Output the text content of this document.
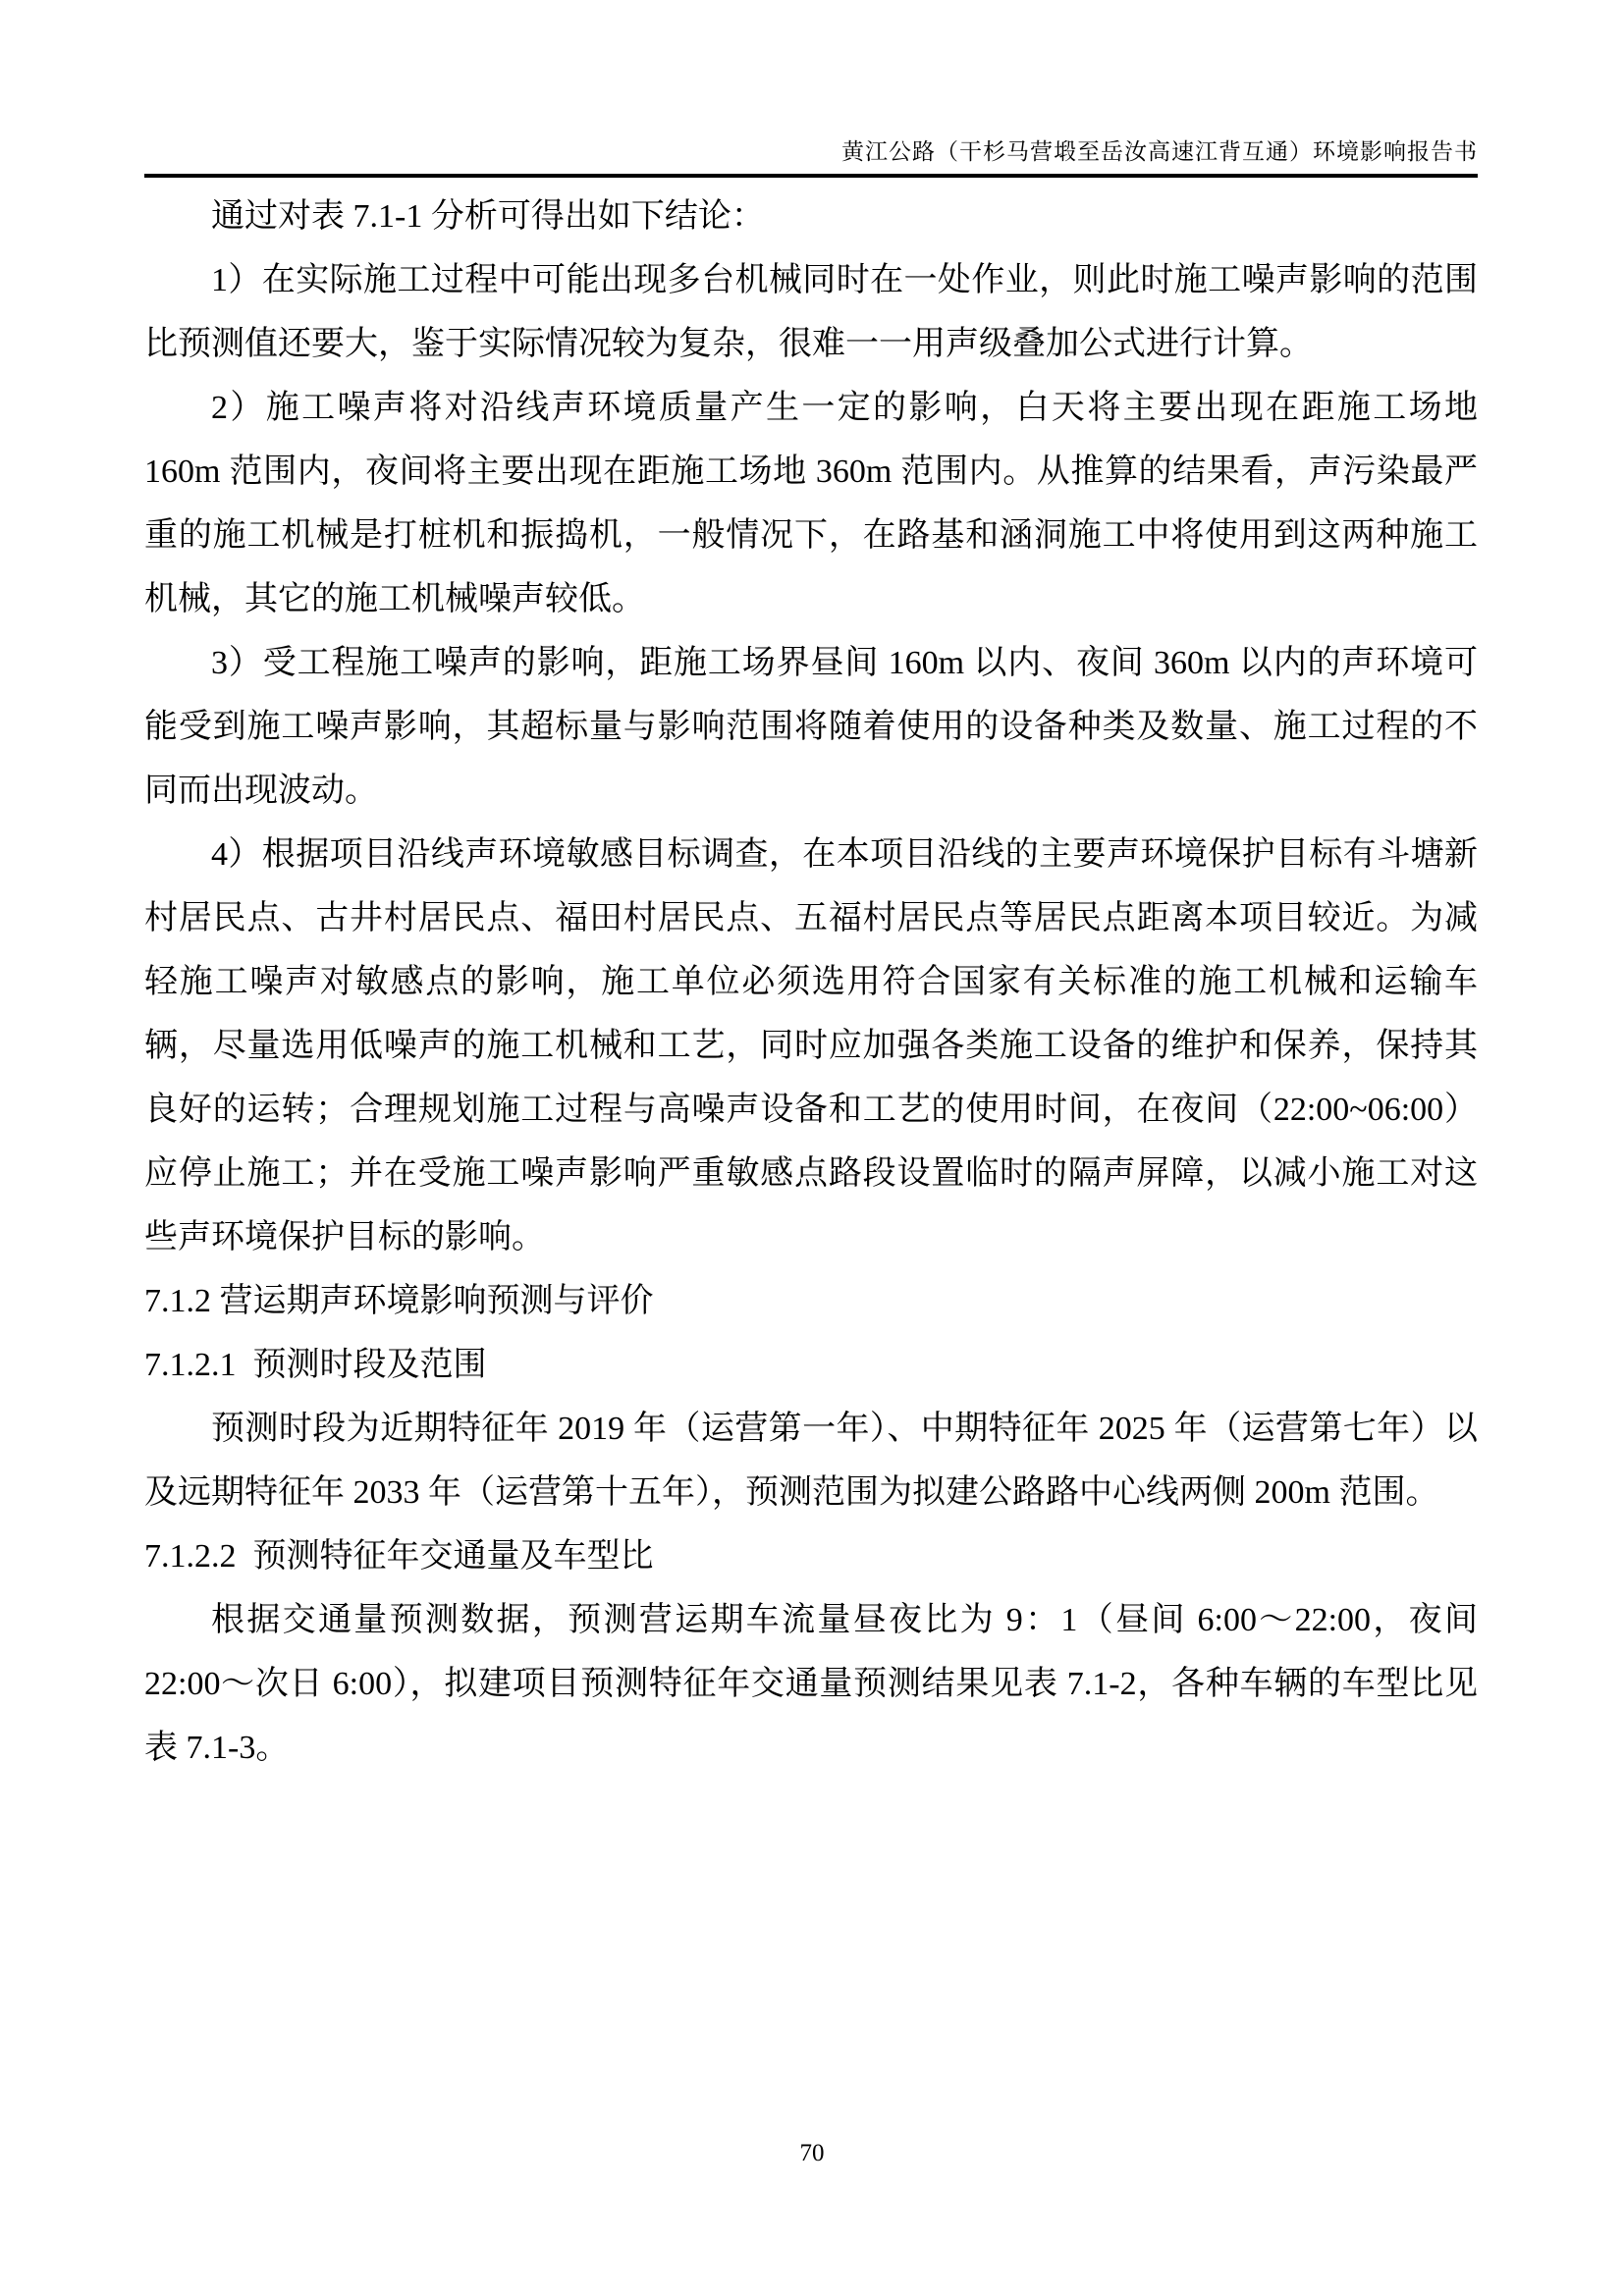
黄江公路（干杉马营塅至岳汝高速江背互通）环境影响报告书

通过对表 7.1-1 分析可得出如下结论：

1）在实际施工过程中可能出现多台机械同时在一处作业，则此时施工噪声影响的范围比预测值还要大，鉴于实际情况较为复杂，很难一一用声级叠加公式进行计算。

2）施工噪声将对沿线声环境质量产生一定的影响，白天将主要出现在距施工场地 160m 范围内，夜间将主要出现在距施工场地 360m 范围内。从推算的结果看，声污染最严重的施工机械是打桩机和振捣机，一般情况下，在路基和涵洞施工中将使用到这两种施工机械，其它的施工机械噪声较低。

3）受工程施工噪声的影响，距施工场界昼间 160m 以内、夜间 360m 以内的声环境可能受到施工噪声影响，其超标量与影响范围将随着使用的设备种类及数量、施工过程的不同而出现波动。

4）根据项目沿线声环境敏感目标调查，在本项目沿线的主要声环境保护目标有斗塘新村居民点、古井村居民点、福田村居民点、五福村居民点等居民点距离本项目较近。为减轻施工噪声对敏感点的影响，施工单位必须选用符合国家有关标准的施工机械和运输车辆，尽量选用低噪声的施工机械和工艺，同时应加强各类施工设备的维护和保养，保持其良好的运转；合理规划施工过程与高噪声设备和工艺的使用时间，在夜间（22:00~06:00）应停止施工；并在受施工噪声影响严重敏感点路段设置临时的隔声屏障，以减小施工对这些声环境保护目标的影响。

7.1.2 营运期声环境影响预测与评价

7.1.2.1  预测时段及范围

预测时段为近期特征年 2019 年（运营第一年）、中期特征年 2025 年（运营第七年）以及远期特征年 2033 年（运营第十五年），预测范围为拟建公路路中心线两侧 200m 范围。

7.1.2.2  预测特征年交通量及车型比

根据交通量预测数据，预测营运期车流量昼夜比为 9：1（昼间 6:00～22:00，夜间 22:00～次日 6:00），拟建项目预测特征年交通量预测结果见表 7.1-2，各种车辆的车型比见表 7.1-3。

70
